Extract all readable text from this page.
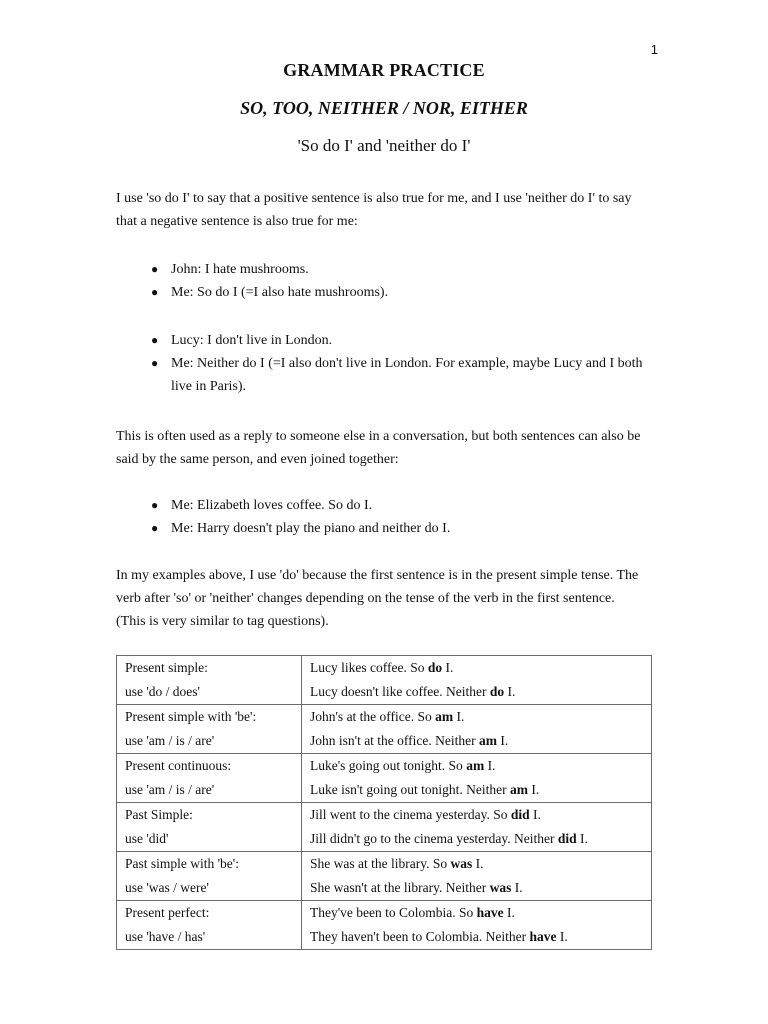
1
GRAMMAR PRACTICE
SO, TOO, NEITHER / NOR, EITHER
'So do I' and 'neither do I'

I use 'so do I' to say that a positive sentence is also true for me, and I use 'neither do I' to say

that a negative sentence is also true for me:

● John: I hate mushrooms.
● Me: So do I (=I also hate mushrooms).
● Lucy: I don't live in London.
● Me: Neither do I (=I also don't live in London. For example, maybe Lucy and I both
live in Paris).

This is often used as a reply to someone else in a conversation, but both sentences can also be

said by the same person, and even joined together:

● Me: Elizabeth loves coffee. So do I.
● Me: Harry doesn't play the piano and neither do I.

In my examples above, I use 'do' because the first sentence is in the present simple tense. The

verb after 'so' or 'neither' changes depending on the tense of the verb in the first sentence.

(This is very similar to tag questions).

Present simple:
use 'do / does'	Lucy likes coffee. So do I.
Lucy doesn't like coffee. Neither do I.

Present simple with 'be':
use 'am / is / are'	John's at the office. So am I.
John isn't at the office. Neither am I.

Present continuous:
use 'am / is / are'	Luke's going out tonight. So am I.
Luke isn't going out tonight. Neither am I.

Past Simple:
use 'did'	Jill went to the cinema yesterday. So did I.
Jill didn't go to the cinema yesterday. Neither did I.

Past simple with 'be':
use 'was / were'	She was at the library. So was I.
She wasn't at the library. Neither was I.

Present perfect:
use 'have / has'	They've been to Colombia. So have I.
They haven't been to Colombia. Neither have I.
